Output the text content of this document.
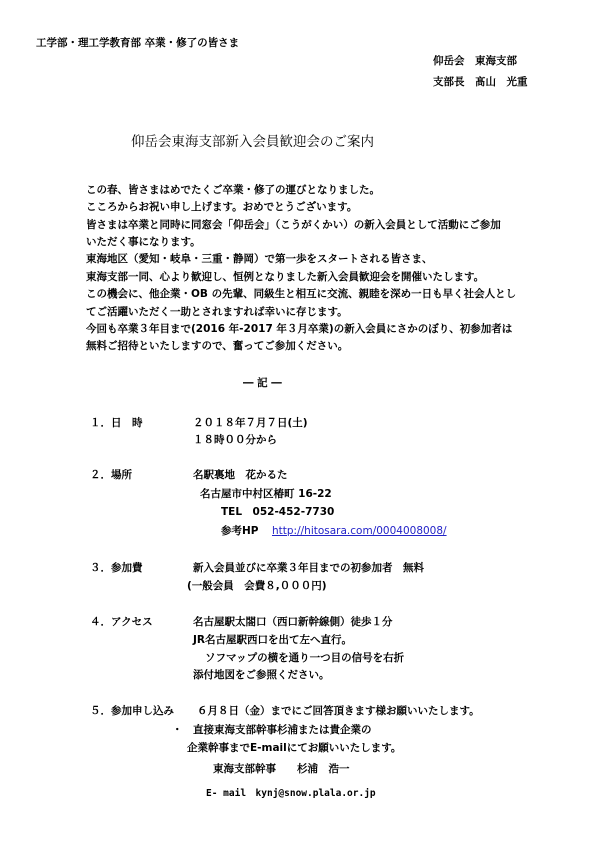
工学部・理工学教育部 卒業・修了の皆さま
仰岳会　東海支部
支部長　髙山　光重
仰岳会東海支部新入会員歓迎会のご案内
この春、皆さまはめでたくご卒業・修了の運びとなりました。
こころからお祝い申し上げます。おめでとうございます。
皆さまは卒業と同時に同窓会「仰岳会」（こうがくかい）の新入会員として活動にご参加
いただく事になります。
東海地区（愛知・岐阜・三重・静岡）で第一歩をスタートされる皆さま、
東海支部一同、心より歓迎し、恒例となりました新入会員歓迎会を開催いたします。
この機会に、他企業・OB の先輩、同級生と相互に交流、親睦を深め一日も早く社会人とし
てご活躍いただく一助とされますれば幸いに存じます。
今回も卒業３年目まで(2016 年-2017 年３月卒業)の新入会員にさかのぼり、初参加者は
無料ご招待といたしますので、奮ってご参加ください。
― 記 ―
１．日　時	２０１８年７月７日(土)
１８時００分から
２．場所	名駅裏地　花かるた
名古屋市中村区椿町 16-22
TEL　052-452-7730
参考HP http://hitosara.com/0004008008/
３．参加費	新入会員並びに卒業３年目までの初参加者　無料
(一般会員　会費８,０００円)
４．アクセス	名古屋駅太閤口（西口新幹線側）徒歩１分
JR名古屋駅西口を出て左へ直行。
ソフマップの横を通り一つ目の信号を右折
添付地図をご参照ください。
５．参加申し込み ６月８日（金）までにご回答頂きます様お願いいたします。
・　直接東海支部幹事杉浦または貴企業の
企業幹事までE-mailにてお願いいたします。
東海支部幹事　　杉浦　浩一
E- mail　kynj@snow.plala.or.jp
